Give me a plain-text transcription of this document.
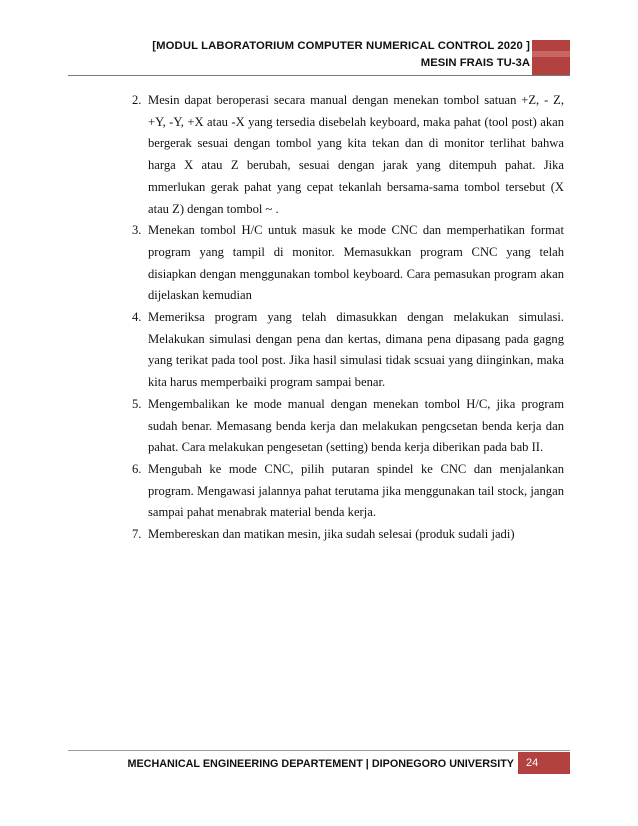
[MODUL LABORATORIUM COMPUTER NUMERICAL CONTROL 2020 ]
MESIN FRAIS TU-3A
2. Mesin dapat beroperasi secara manual dengan menekan tombol satuan +Z, - Z, +Y, -Y, +X atau -X yang tersedia disebelah keyboard, maka pahat (tool post) akan bergerak sesuai dengan tombol yang kita tekan dan di monitor terlihat bahwa harga X atau Z berubah, sesuai dengan jarak yang ditempuh pahat. Jika mmerlukan gerak pahat yang cepat tekanlah bersama-sama tombol tersebut (X atau Z) dengan tombol ~ .
3. Menekan tombol H/C untuk masuk ke mode CNC dan memperhatikan format program yang tampil di monitor. Memasukkan program CNC yang telah disiapkan dengan menggunakan tombol keyboard. Cara pemasukan program akan dijelaskan kemudian
4. Memeriksa program yang telah dimasukkan dengan melakukan simulasi. Melakukan simulasi dengan pena dan kertas, dimana pena dipasang pada gagng yang terikat pada tool post. Jika hasil simulasi tidak scsuai yang diinginkan, maka kita harus memperbaiki program sampai benar.
5. Mengembalikan ke mode manual dengan menekan tombol H/C, jika program sudah benar. Memasang benda kerja dan melakukan pengcsetan benda kerja dan pahat. Cara melakukan pengesetan (setting) benda kerja diberikan pada bab II.
6. Mengubah ke mode CNC, pilih putaran spindel ke CNC dan menjalankan program. Mengawasi jalannya pahat terutama jika menggunakan tail stock, jangan sampai pahat menabrak material benda kerja.
7. Membereskan dan matikan mesin, jika sudah selesai (produk sudali jadi)
MECHANICAL ENGINEERING DEPARTEMENT | DIPONEGORO UNIVERSITY	24
